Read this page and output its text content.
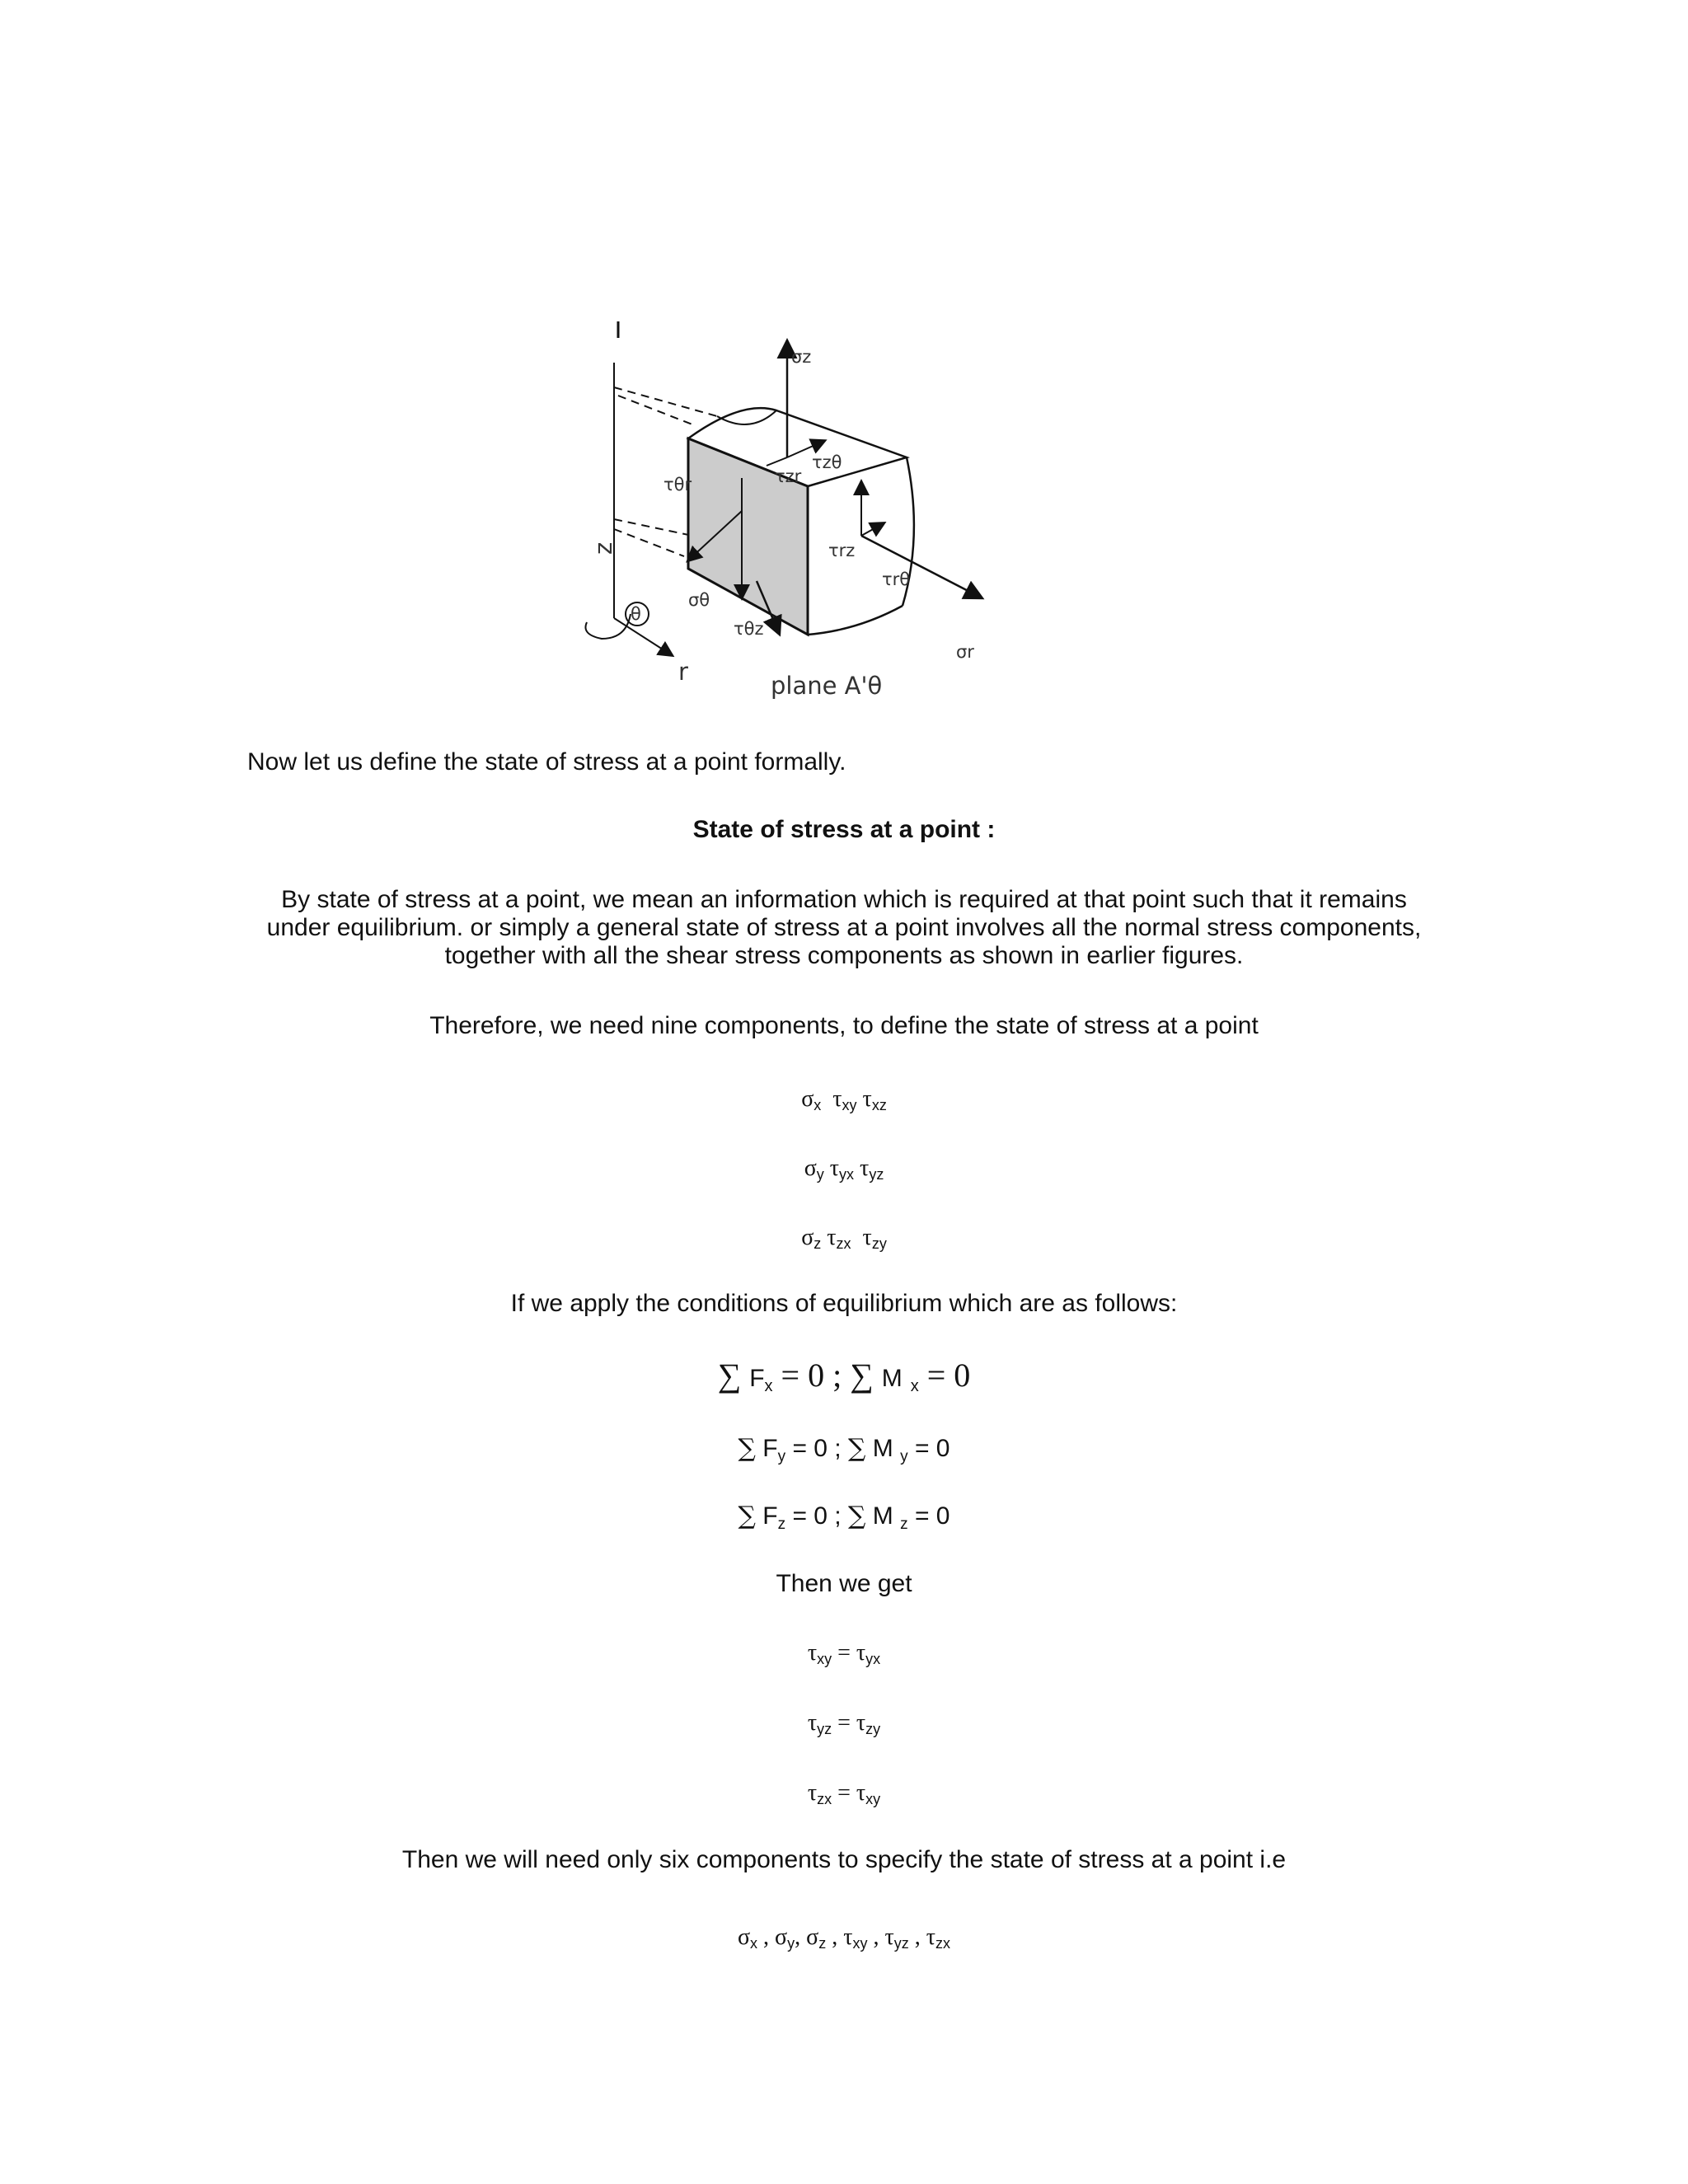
σz
τzθ
τzr
τθr
τrz
τrθ
σθ
τθz
σr
z
θ
r	plane A'θ
Now let us define the state of stress at a point formally.
State of stress at a point :
By state of stress at a point, we mean an information which is required at that point such that it remains
under equilibrium. or simply a general state of stress at a point involves all the normal stress components,
together with all the shear stress components as shown in earlier figures.
Therefore, we need nine components, to define the state of stress at a point
$\sigma_x$ $\tau_{xy}$ $\tau_{xz}$
$\sigma_y$ $\tau_{yx}$ $\tau_{yz}$
$\sigma_z$ $\tau_{zx}$ $\tau_{zy}$
If we apply the conditions of equilibrium which are as follows:
∑ $F_x = 0$ ; ∑ M $_x$ = 0
∑ $F_y = 0$ ; ∑ M $_y$ = 0
∑ $F_z = 0$ ; ∑ M $_z$ = 0
Then we get
$\tau_{xy} = \tau_{yx}$
$\tau_{yz} = \tau_{zy}$
$\tau_{zx} = \tau_{xy}$
Then we will need only six components to specify the state of stress at a point i.e
$\sigma_x$ , $\sigma_y$, $\sigma_z$ , $\tau_{xy}$ , $\tau_{yz}$ , $\tau_{zx}$
